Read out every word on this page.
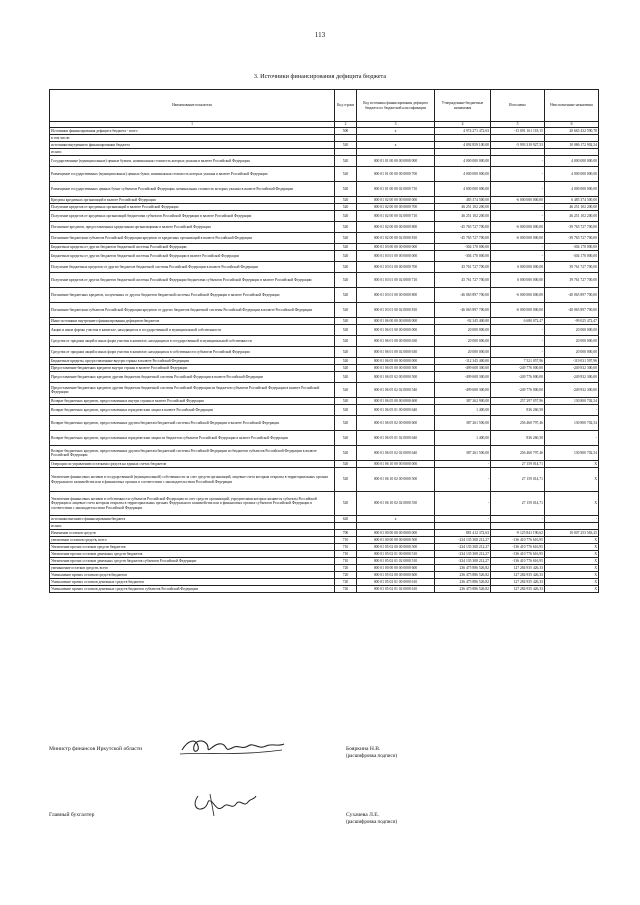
113
3. Источники финансирования дефицита бюджета
Наименование показателя	Код строки	Код источника финансирования дефицита бюджета по бюджетной классификации	Утвержденные бюджетные назначения	Исполнено	Неисполненные назначения
1	2	3	4	5	6
Источники финансирования дефицита бюджета - всего	500	x	4 974 271 472,63	-15 691 161 118,15	20 665 432 590,78
в том числе:					
источники внутреннего финансирования бюджета	520	x	4 092 859 100,00	-5 993 319 927,53	10 086 172 902,54
из них:					
Государственные (муниципальные) ценные бумаги, номинальная стоимость которых указана в валюте Российской Федерации	520	000 01 01 00 00 00 0000 000	4 000 000 000,00	-	4 000 000 000,00
Размещение государственных (муниципальных) ценных бумаг, номинальная стоимость которых указана в валюте Российской Федерации	520	000 01 01 00 00 00 0000 700	4 000 000 000,00	-	4 000 000 000,00
Размещение государственных ценных бумаг субъектов Российской Федерации, номинальная стоимость которых указана в валюте Российской Федерации	520	000 01 01 00 00 02 0000 710	4 000 000 000,00	-	4 000 000 000,00
Кредиты кредитных организаций в валюте Российской Федерации	520	000 01 02 00 00 00 0000 000	485 374 500,00	-6 000 000 000,00	6 485 374 500,00
Получение кредитов от кредитных организаций в валюте Российской Федерации	520	000 01 02 00 00 00 0000 700	46 251 102 200,00	-	46 251 102 200,00
Получение кредитов от кредитных организаций бюджетами субъектов Российской Федерации в валюте Российской Федерации	520	000 01 02 00 00 02 0000 710	46 251 102 200,00	-	46 251 102 200,00
Погашение кредитов, предоставленных кредитными организациями в валюте Российской Федерации	520	000 01 02 00 00 00 0000 800	-45 765 727 700,00	-6 000 000 000,00	-39 765 727 700,00
Погашение бюджетами субъектов Российской Федерации кредитов от кредитных организаций в валюте Российской Федерации	520	000 01 02 00 00 02 0000 810	-45 765 727 700,00	-6 000 000 000,00	-39 765 727 700,00
Бюджетные кредиты от других бюджетов бюджетной системы Российской Федерации	520	000 01 03 00 00 00 0000 000	-304 170 000,00	-	-304 170 000,00
Бюджетные кредиты от других бюджетов бюджетной системы Российской Федерации в валюте Российской Федерации	520	000 01 03 01 00 00 0000 000	-304 170 000,00	-	-304 170 000,00
Получение бюджетных кредитов от других бюджетов бюджетной системы Российской Федерации в валюте Российской Федерации	520	000 01 03 01 00 00 0000 700	45 761 727 700,00	6 000 000 000,00	39 761 727 700,00
Получение кредитов от других бюджетов бюджетной системы Российской Федерации бюджетами субъектов Российской Федерации в валюте Российской Федерации	520	000 01 03 01 00 02 0000 710	45 761 727 700,00	6 000 000 000,00	39 761 727 700,00
Погашение бюджетных кредитов, полученных от других бюджетов бюджетной системы Российской Федерации в валюте Российской Федерации	520	000 01 03 01 00 00 0000 800	-46 065 897 700,00	-6 000 000 000,00	-40 065 897 700,00
Погашение бюджетами субъектов Российской Федерации кредитов от других бюджетов бюджетной системы Российской Федерации в валюте Российской Федерации	520	000 01 03 01 00 02 0000 810	-46 065 897 700,00	-6 000 000 000,00	-40 065 897 700,00
Иные источники внутреннего финансирования дефицитов бюджетов	520	000 01 06 00 00 00 0000 000	-92 345 400,00	6 680 072,47	-99 025 472,47
Акции и иные формы участия в капитале, находящиеся в государственной и муниципальной собственности	520	000 01 06 01 00 00 0000 000	20 000 000,00	-	20 000 000,00
Средства от продажи акций и иных форм участия в капитале, находящихся в государственной и муниципальной собственности	520	000 01 06 01 00 00 0000 630	20 000 000,00	-	20 000 000,00
Средства от продажи акций и иных форм участия в капитале, находящихся в собственности субъектов Российской Федерации	520	000 01 06 01 00 02 0000 630	20 000 000,00	-	20 000 000,00
Бюджетные кредиты, предоставленные внутри страны в валюте Российской Федерации	520	000 01 06 05 00 00 0000 000	-112 345 400,00	7 521 057,96	-119 031 597,96
Предоставление бюджетных кредитов внутри страны в валюте Российской Федерации	520	000 01 06 05 00 00 0000 500	-499 608 300,00	-249 776 000,00	-249 832 300,00
Предоставление бюджетных кредитов другим бюджетам бюджетной системы Российской Федерации в валюте Российской Федерации	520	000 01 06 05 02 00 0000 500	-499 608 300,00	-249 776 000,00	-249 832 300,00
Предоставление бюджетных кредитов другим бюджетам бюджетной системы Российской Федерации из бюджетов субъектов Российской Федерации в валюте Российской Федерации	520	000 01 06 05 02 02 0000 540	-499 608 300,00	-249 776 000,00	-249 832 300,00
Возврат бюджетных кредитов, предоставленных внутри страны в валюте Российской Федерации	520	000 01 06 05 00 00 0000 600	387 262 900,00	257 297 057,96	130 800 702,54
Возврат бюджетных кредитов, предоставленных юридическим лицам в валюте Российской Федерации	520	000 01 06 05 01 00 0000 640	1 400,00	836 260,50	-
Возврат бюджетных кредитов, предоставленных другим бюджетам бюджетной системы Российской Федерации в валюте Российской Федерации	520	000 01 06 05 02 00 0000 600	387 261 500,00	256 460 797,46	130 800 702,54
Возврат бюджетных кредитов, предоставленных юридическим лицам из бюджетов субъектов Российской Федерации в валюте Российской Федерации	520	000 01 06 05 01 02 0000 640	1 400,00	836 260,50	-
Возврат бюджетных кредитов, предоставленных другим бюджетам бюджетной системы Российской Федерации из бюджетов субъектов Российской Федерации в валюте Российской Федерации	520	000 01 06 05 02 02 0000 640	387 261 500,00	256 460 797,46	130 800 702,54
Операции по управлению остатками средств на единых счетах бюджетов	520	000 01 06 10 00 00 0000 000	-	27 159 014,71	X
Увеличение финансовых активов в государственной (муниципальной) собственности за счет средств организаций, лицевые счета которым открыты в территориальных органах Федерального казначейства или в финансовых органах в соответствии с законодательством Российской Федерации	520	000 01 06 10 02 00 0000 500	-	27 159 014,71	X
Увеличение финансовых активов в собственности субъектов Российской Федерации за счет средств организаций, учредителями которых являются субъекты Российской Федерации и лицевые счета которым открыты в территориальных органах Федерального казначейства или в финансовых органах субъектов Российской Федерации в соответствии с законодательством Российской Федерации	520	000 01 06 10 02 02 0000 550	-	27 159 014,71	X
источники внешнего финансирования бюджета	620	x	-	-	-
из них:					
Изменение остатков средств	700	000 01 00 00 00 00 0000 000	881 412 372,63	-9 125 841 190,62	10 007 253 563,25
увеличение остатков средств, всего	710	000 01 00 00 00 00 0000 500	-234 135 308 212,27	-136 410 776 616,95	X
Увеличение прочих остатков средств бюджетов	710	000 01 05 02 00 00 0000 500	-234 135 308 212,27	-136 410 776 616,95	X
Увеличение прочих остатков денежных средств бюджетов	710	000 01 05 02 01 00 0000 510	-234 135 308 212,27	-136 410 776 616,95	X
Увеличение прочих остатков денежных средств бюджетов субъектов Российской Федерации	710	000 01 05 02 01 02 0000 510	-234 135 308 212,27	-136 410 776 616,95	X
уменьшение остатков средств, всего	720	000 01 00 00 00 00 0000 600	236 475 886 526,82	127 284 935 426,33	X
Уменьшение прочих остатков средств бюджетов	720	000 01 05 02 00 00 0000 600	236 475 886 526,82	127 284 935 426,33	X
Уменьшение прочих остатков денежных средств бюджетов	720	000 01 05 02 01 00 0000 610	236 475 886 526,82	127 284 935 426,33	X
Уменьшение прочих остатков денежных средств бюджетов субъектов Российской Федерации	720	000 01 05 02 01 02 0000 610	236 475 886 526,82	127 284 935 426,33	X
Министр финансов Иркутской области	Бояркина Н.В.
(расшифровка подписи)
Главный бухгалтер	Сухачева Л.Е.
(расшифровка подписи)
